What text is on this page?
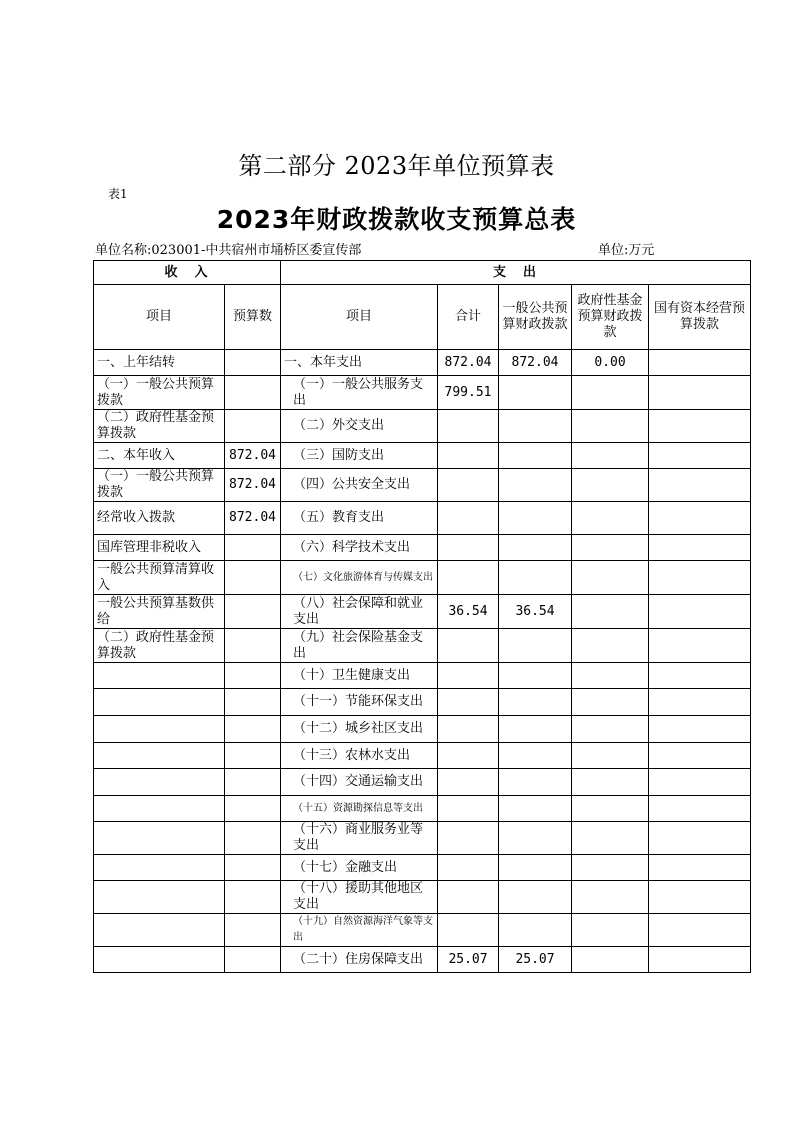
第二部分 2023年单位预算表
表1
2023年财政拨款收支预算总表
单位名称:023001-中共宿州市埇桥区委宣传部	单位:万元
收　入		支　出				
项目	预算数	项目	合计	一般公共预算财政拨款	政府性基金预算财政拨款	国有资本经营预算拨款
一、上年结转		一、本年支出	872.04	872.04	0.00	
（一）一般公共预算拨款		（一）一般公共服务支出	799.51			
（二）政府性基金预算拨款		（二）外交支出				
二、本年收入	872.04	（三）国防支出				
（一）一般公共预算拨款	872.04	（四）公共安全支出				
经常收入拨款	872.04	（五）教育支出				
国库管理非税收入		（六）科学技术支出				
一般公共预算清算收入		（七）文化旅游体育与传媒支出				
一般公共预算基数供给		（八）社会保障和就业支出	36.54	36.54		
（二）政府性基金预算拨款		（九）社会保险基金支出				
		（十）卫生健康支出				
		（十一）节能环保支出				
		（十二）城乡社区支出				
		（十三）农林水支出				
		（十四）交通运输支出				
		（十五）资源勘探信息等支出				
		（十六）商业服务业等支出				
		（十七）金融支出				
		（十八）援助其他地区支出				
		（十九）自然资源海洋气象等支出				
		（二十）住房保障支出	25.07	25.07		
